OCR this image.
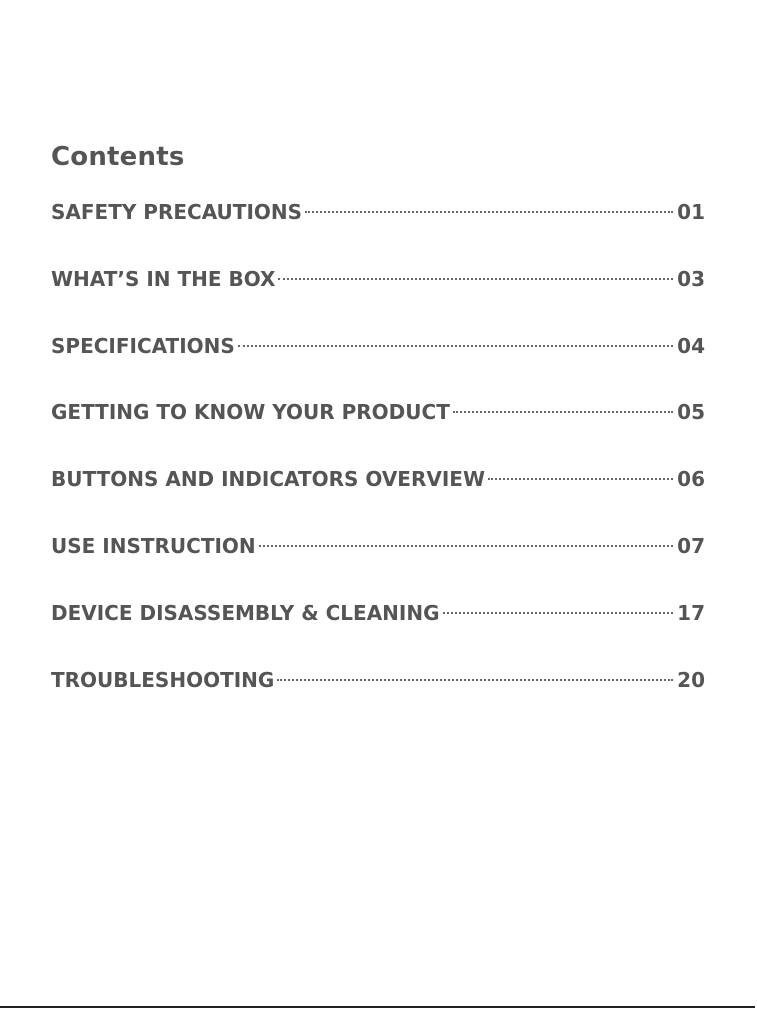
Contents
SAFETY PRECAUTIONS	01
WHAT’S IN THE BOX	03
SPECIFICATIONS	04
GETTING TO KNOW YOUR PRODUCT	05
BUTTONS AND INDICATORS OVERVIEW	06
USE INSTRUCTION	07
DEVICE DISASSEMBLY & CLEANING	17
TROUBLESHOOTING	20
